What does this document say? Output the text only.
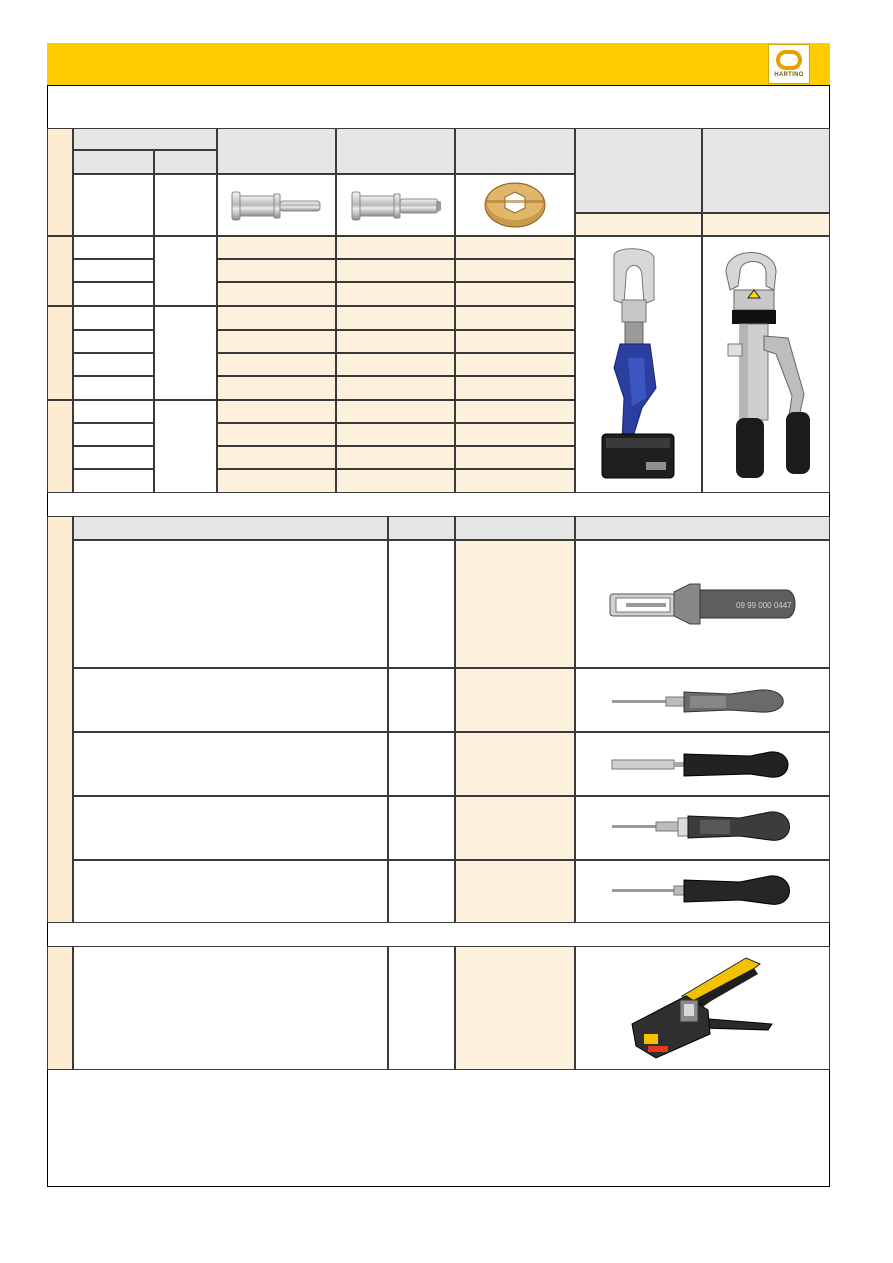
HARTING
09 99 000 0447
